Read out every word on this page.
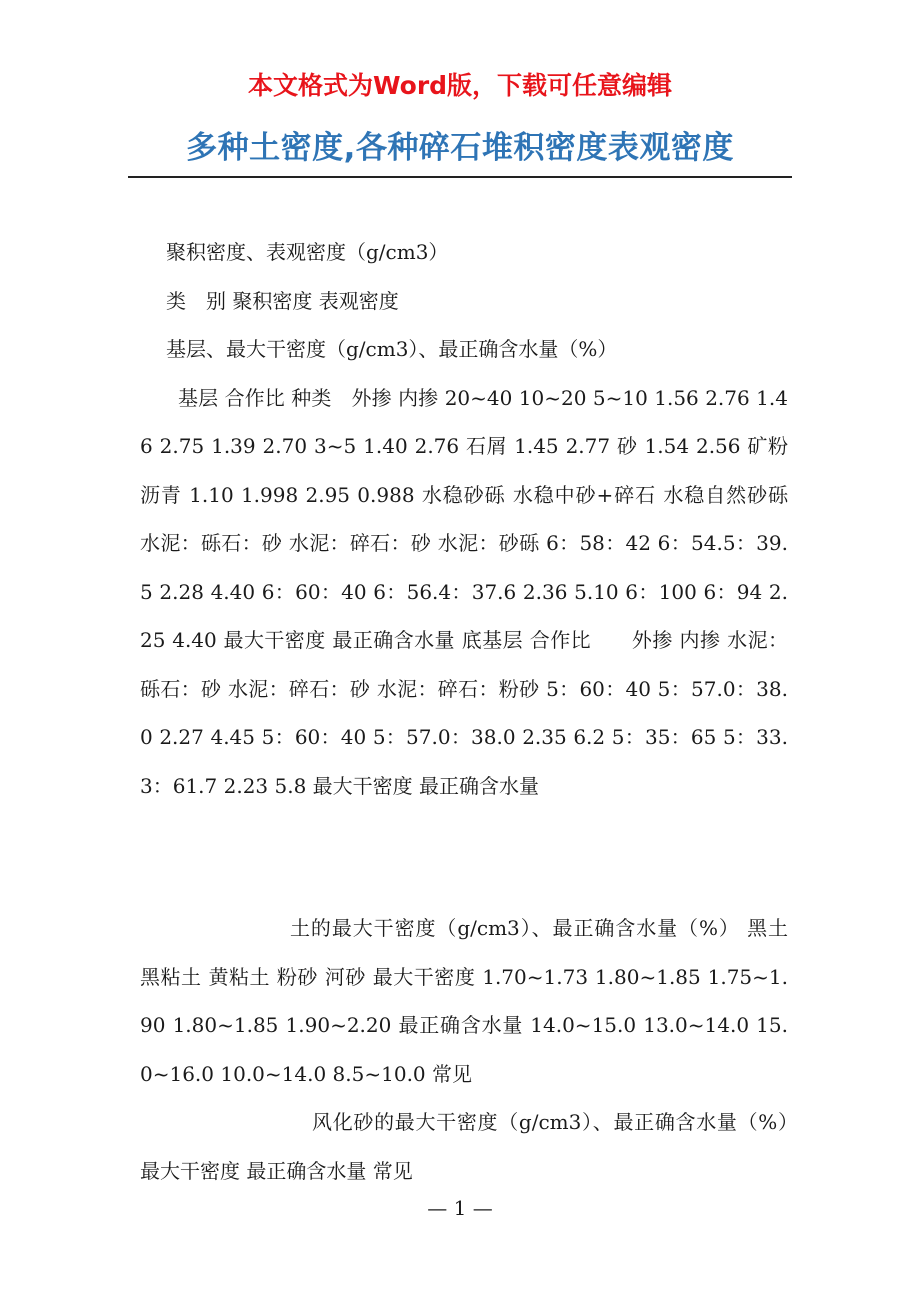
本文格式为Word版，下载可任意编辑
多种土密度,各种碎石堆积密度表观密度

聚积密度、表观密度（g/cm3）

类　别 聚积密度 表观密度

基层、最大干密度（g/cm3）、最正确含水量（%）

基层 合作比 种类　外掺 内掺 20~40 10~20 5~10 1.56 2.76 1.46 2.75 1.39 2.70 3~5 1.40 2.76 石屑 1.45 2.77 砂 1.54 2.56 矿粉 沥青 1.10 1.998 2.95 0.988 水稳砂砾 水稳中砂+碎石 水稳自然砂砾 水泥：砾石：砂 水泥：碎石：砂 水泥：砂砾 6：58：42 6：54.5：39.5 2.28 4.40 6：60：40 6：56.4：37.6 2.36 5.10 6：100 6：94 2.25 4.40 最大干密度 最正确含水量 底基层 合作比　　外掺 内掺 水泥：砾石：砂 水泥：碎石：砂 水泥：碎石：粉砂 5：60：40 5：57.0：38.0 2.27 4.45 5：60：40 5：57.0：38.0 2.35 6.2 5：35：65 5：33.3：61.7 2.23 5.8 最大干密度 最正确含水量

土的最大干密度（g/cm3）、最正确含水量（%） 黑土 黑粘土 黄粘土 粉砂 河砂 最大干密度 1.70~1.73 1.80~1.85 1.75~1.90 1.80~1.85 1.90~2.20 最正确含水量 14.0~15.0 13.0~14.0 15.0~16.0 10.0~14.0 8.5~10.0 常见

风化砂的最大干密度（g/cm3）、最正确含水量（%）　最大干密度 最正确含水量 常见

— 1 —
